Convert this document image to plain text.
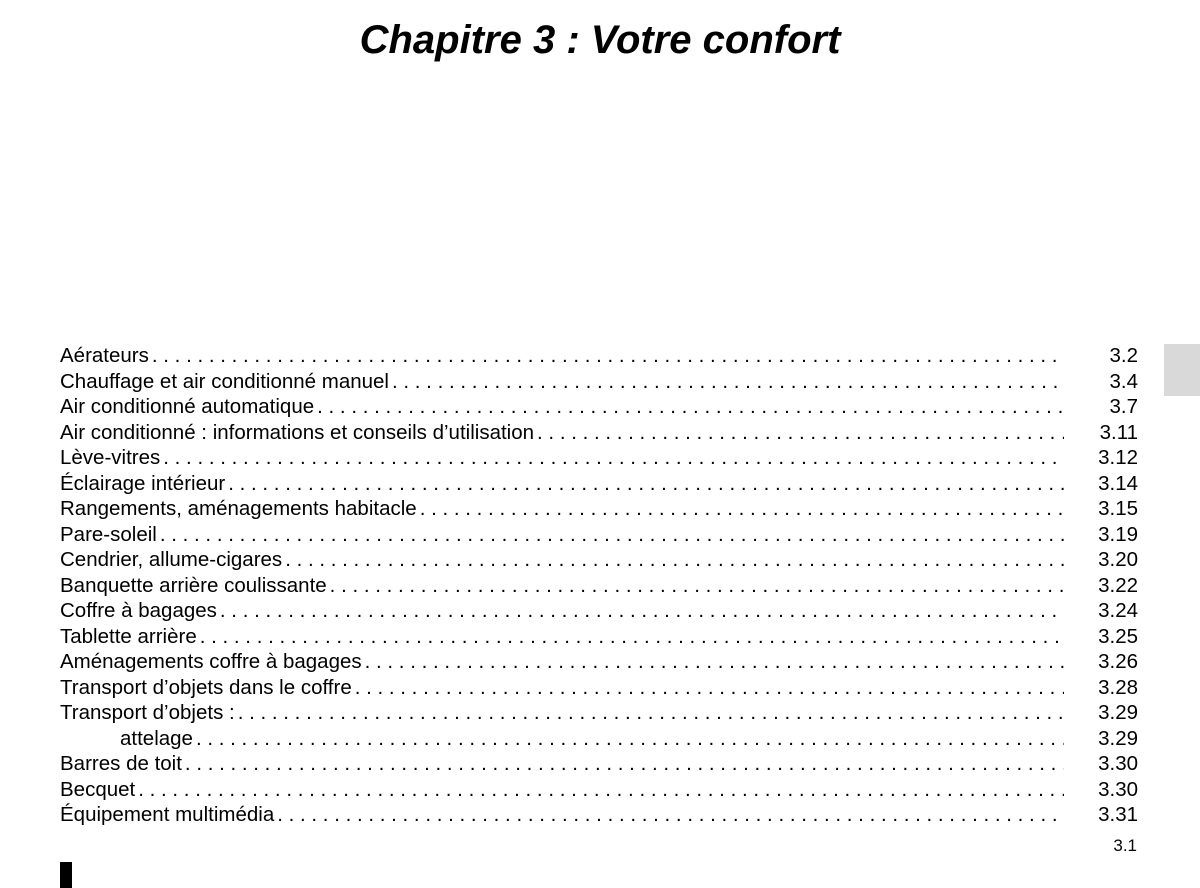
Chapitre 3 : Votre confort
Aérateurs . . .	3.2
Chauffage et air conditionné manuel . . .	3.4
Air conditionné automatique . . .	3.7
Air conditionné : informations et conseils d’utilisation . . .	3.11
Lève-vitres . . .	3.12
Éclairage intérieur . . .	3.14
Rangements, aménagements habitacle . . .	3.15
Pare-soleil . . .	3.19
Cendrier, allume-cigares . . .	3.20
Banquette arrière coulissante . . .	3.22
Coffre à bagages . . .	3.24
Tablette arrière . . .	3.25
Aménagements coffre à bagages . . .	3.26
Transport d’objets dans le coffre . . .	3.28
Transport d’objets : . . .	3.29
attelage . . .	3.29
Barres de toit . . .	3.30
Becquet . . .	3.30
Équipement multimédia . . .	3.31
3.1
